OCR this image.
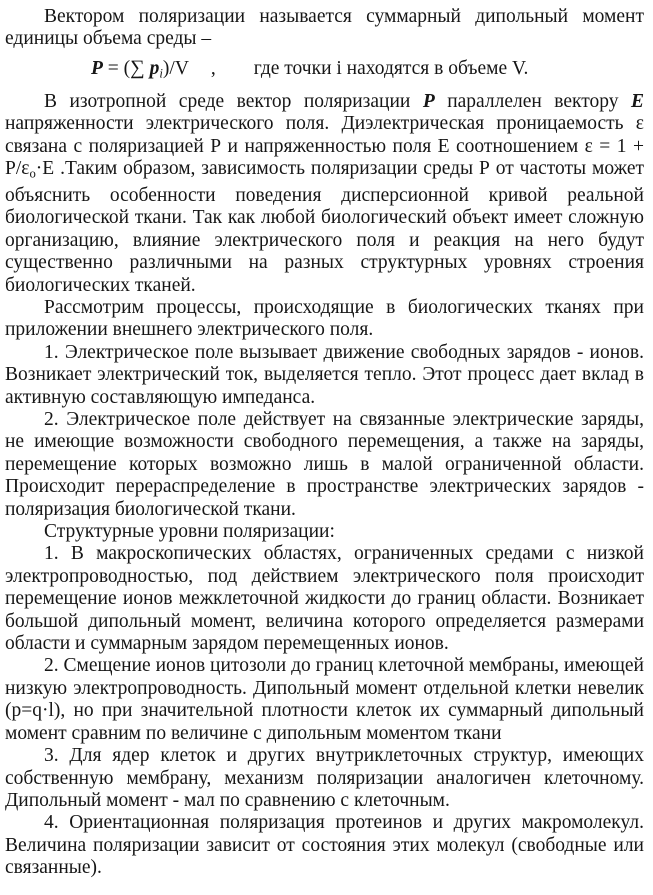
Вектором поляризации называется суммарный дипольный момент единицы объема среды –

P = (∑ $p_i)/V$ , где точки i находятся в объеме V.

В изотропной среде вектор поляризации P параллелен вектору E напряженности электрического поля. Диэлектрическая проницаемость ε связана с поляризацией Р и напряженностью поля Е соотношением $\varepsilon = 1 + Р/\varepsilon_о\cdot Е$ .Таким образом, зависимость поляризации среды Р от частоты может объяснить особенности поведения дисперсионной кривой реальной биологической ткани. Так как любой биологический объект имеет сложную организацию, влияние электрического поля и реакция на него будут существенно различными на разных структурных уровнях строения биологических тканей.

Рассмотрим процессы, происходящие в биологических тканях при приложении внешнего электрического поля.

1. Электрическое поле вызывает движение свободных зарядов - ионов. Возникает электрический ток, выделяется тепло. Этот процесс дает вклад в активную составляющую импеданса.

2. Электрическое поле действует на связанные электрические заряды, не имеющие возможности свободного перемещения, а также на заряды, перемещение которых возможно лишь в малой ограниченной области. Происходит перераспределение в пространстве электрических зарядов - поляризация биологической ткани.

Структурные уровни поляризации:

1. В макроскопических областях, ограниченных средами с низкой электропроводностью, под действием электрического поля происходит перемещение ионов межклеточной жидкости до границ области. Возникает большой дипольный момент, величина которого определяется размерами области и суммарным зарядом перемещенных ионов.

2. Смещение ионов цитозоли до границ клеточной мембраны, имеющей низкую электропроводность. Дипольный момент отдельной клетки невелик (p=q·l), но при значительной плотности клеток их суммарный дипольный момент сравним по величине с дипольным моментом ткани

3. Для ядер клеток и других внутриклеточных структур, имеющих собственную мембрану, механизм поляризации аналогичен клеточному. Дипольный момент - мал по сравнению с клеточным.

4. Ориентационная поляризация протеинов и других макромолекул. Величина поляризации зависит от состояния этих молекул (свободные или связанные).
